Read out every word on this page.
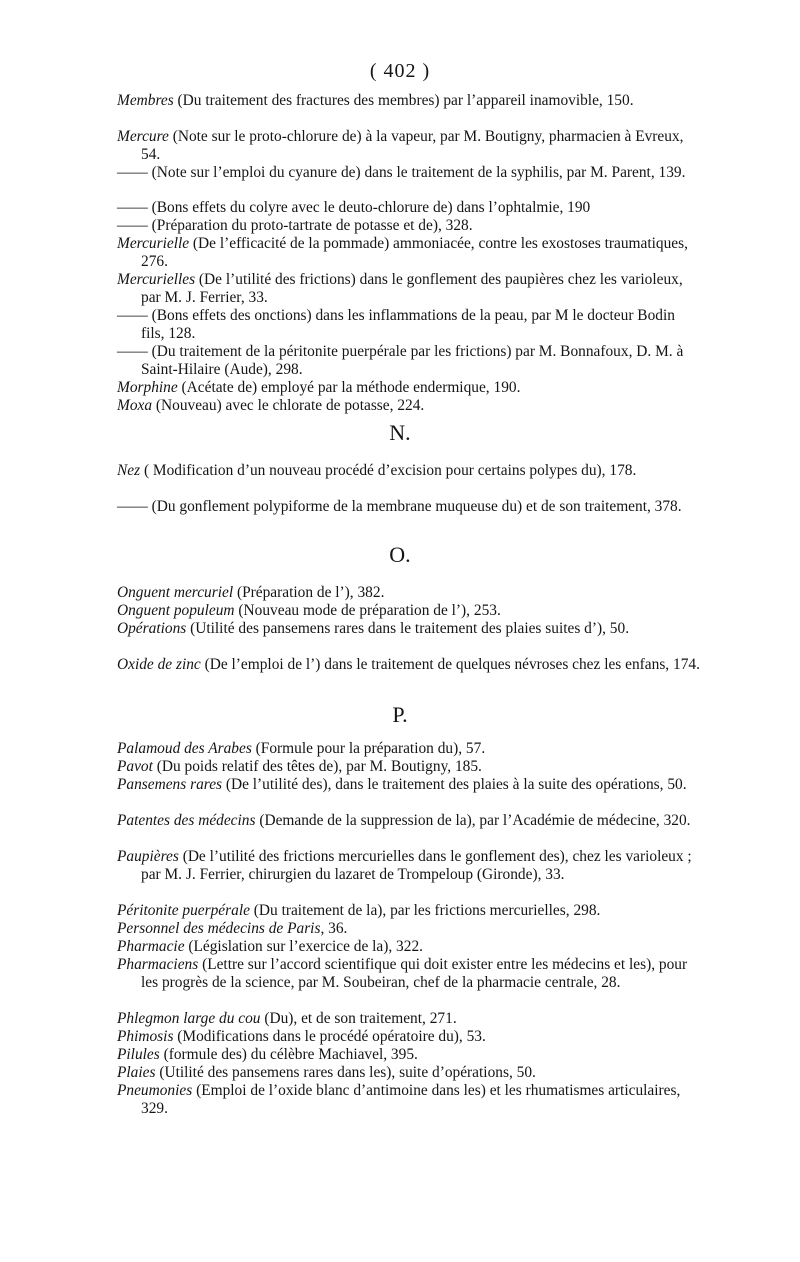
( 402 )
Membres (Du traitement des fractures des membres) par l’appareil inamovible, 150.
Mercure (Note sur le proto-chlorure de) à la vapeur, par M. Boutigny, pharmacien à Evreux, 54.
—— (Note sur l’emploi du cyanure de) dans le traitement de la syphilis, par M. Parent, 139.
—— (Bons effets du colyre avec le deuto-chlorure de) dans l’ophtalmie, 190
—— (Préparation du proto-tartrate de potasse et de), 328.
Mercurielle (De l’efficacité de la pommade) ammoniacée, contre les exostoses traumatiques, 276.
Mercurielles (De l’utilité des frictions) dans le gonflement des paupières chez les varioleux, par M. J. Ferrier, 33.
—— (Bons effets des onctions) dans les inflammations de la peau, par M le docteur Bodin fils, 128.
—— (Du traitement de la péritonite puerpérale par les frictions) par M. Bonnafoux, D. M. à Saint-Hilaire (Aude), 298.
Morphine (Acétate de) employé par la méthode endermique, 190.
Moxa (Nouveau) avec le chlorate de potasse, 224.
N.
Nez ( Modification d’un nouveau procédé d’excision pour certains polypes du), 178.
—— (Du gonflement polypiforme de la membrane muqueuse du) et de son traitement, 378.
O.
Onguent mercuriel (Préparation de l’), 382.
Onguent populeum (Nouveau mode de préparation de l’), 253.
Opérations (Utilité des pansemens rares dans le traitement des plaies suites d’), 50.
Oxide de zinc (De l’emploi de l’) dans le traitement de quelques névroses chez les enfans, 174.
P.
Palamoud des Arabes (Formule pour la préparation du), 57.
Pavot (Du poids relatif des têtes de), par M. Boutigny, 185.
Pansemens rares (De l’utilité des), dans le traitement des plaies à la suite des opérations, 50.
Patentes des médecins (Demande de la suppression de la), par l’Académie de médecine, 320.
Paupières (De l’utilité des frictions mercurielles dans le gonflement des), chez les varioleux ; par M. J. Ferrier, chirurgien du lazaret de Trompeloup (Gironde), 33.
Péritonite puerpérale (Du traitement de la), par les frictions mercurielles, 298.
Personnel des médecins de Paris, 36.
Pharmacie (Législation sur l’exercice de la), 322.
Pharmaciens (Lettre sur l’accord scientifique qui doit exister entre les médecins et les), pour les progrès de la science, par M. Soubeiran, chef de la pharmacie centrale, 28.
Phlegmon large du cou (Du), et de son traitement, 271.
Phimosis (Modifications dans le procédé opératoire du), 53.
Pilules (formule des) du célèbre Machiavel, 395.
Plaies (Utilité des pansemens rares dans les), suite d’opérations, 50.
Pneumonies (Emploi de l’oxide blanc d’antimoine dans les) et les rhumatismes articulaires, 329.
